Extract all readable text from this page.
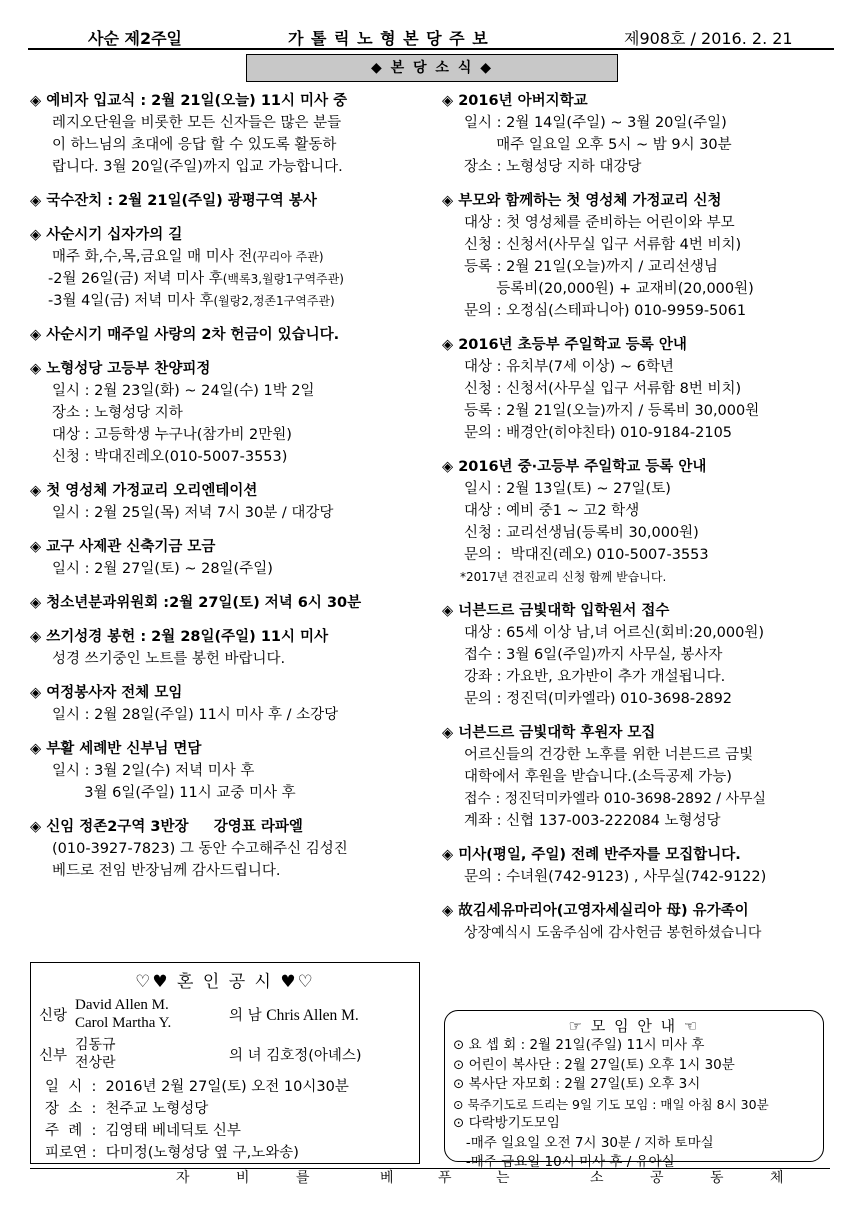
사순 제2주일	가 톨 릭 노 형 본 당 주 보	제908호 / 2016. 2. 21
◆ 본 당 소 식 ◆
◈ 예비자 입교식 : 2월 21일(오늘) 11시 미사 중
레지오단원을 비롯한 모든 신자들은 많은 분들
이 하느님의 초대에 응답 할 수 있도록 활동하
랍니다. 3월 20일(주일)까지 입교 가능합니다.
◈ 국수잔치 : 2월 21일(주일) 광평구역 봉사
◈ 사순시기 십자가의 길
매주 화,수,목,금요일 매 미사 전(꾸리아 주관)
-2월 26일(금) 저녁 미사 후(백록3,월랑1구역주관)
-3월 4일(금) 저녁 미사 후(월랑2,정존1구역주관)
◈ 사순시기 매주일 사랑의 2차 헌금이 있습니다.
◈ 노형성당 고등부 찬양피정
일시 : 2월 23일(화) ~ 24일(수) 1박 2일
장소 : 노형성당 지하
대상 : 고등학생 누구나(참가비 2만원)
신청 : 박대진레오(010-5007-3553)
◈ 첫 영성체 가정교리 오리엔테이션
일시 : 2월 25일(목) 저녁 7시 30분 / 대강당
◈ 교구 사제관 신축기금 모금
일시 : 2월 27일(토) ~ 28일(주일)
◈ 청소년분과위원회 :2월 27일(토) 저녁 6시 30분
◈ 쓰기성경 봉헌 : 2월 28일(주일) 11시 미사
성경 쓰기중인 노트를 봉헌 바랍니다.
◈ 여정봉사자 전체 모임
일시 : 2월 28일(주일) 11시 미사 후 / 소강당
◈ 부활 세례반 신부님 면담
일시 : 3월 2일(수) 저녁 미사 후
3월 6일(주일) 11시 교중 미사 후
◈ 신임 정존2구역 3반장     강영표 라파엘
(010-3927-7823) 그 동안 수고해주신 김성진
베드로 전임 반장님께 감사드립니다.
◈ 2016년 아버지학교
일시 : 2월 14일(주일) ~ 3월 20일(주일)
매주 일요일 오후 5시 ~ 밤 9시 30분
장소 : 노형성당 지하 대강당
◈ 부모와 함께하는 첫 영성체 가정교리 신청
대상 : 첫 영성체를 준비하는 어린이와 부모
신청 : 신청서(사무실 입구 서류함 4번 비치)
등록 : 2월 21일(오늘)까지 / 교리선생님
등록비(20,000원) + 교재비(20,000원)
문의 : 오정심(스테파니아) 010-9959-5061
◈ 2016년 초등부 주일학교 등록 안내
대상 : 유치부(7세 이상) ~ 6학년
신청 : 신청서(사무실 입구 서류함 8번 비치)
등록 : 2월 21일(오늘)까지 / 등록비 30,000원
문의 : 배경안(히야친타) 010-9184-2105
◈ 2016년 중·고등부 주일학교 등록 안내
일시 : 2월 13일(토) ~ 27일(토)
대상 : 예비 중1 ~ 고2 학생
신청 : 교리선생님(등록비 30,000원)
문의 :  박대진(레오) 010-5007-3553
*2017년 견진교리 신청 함께 받습니다.
◈ 너븐드르 금빛대학 입학원서 접수
대상 : 65세 이상 남,녀 어르신(회비:20,000원)
접수 : 3월 6일(주일)까지 사무실, 봉사자
강좌 : 가요반, 요가반이 추가 개설됩니다.
문의 : 정진덕(미카엘라) 010-3698-2892
◈ 너븐드르 금빛대학 후원자 모집
어르신들의 건강한 노후를 위한 너븐드르 금빛
대학에서 후원을 받습니다.(소득공제 가능)
접수 : 정진덕미카엘라 010-3698-2892 / 사무실
계좌 : 신협 137-003-222084 노형성당
◈ 미사(평일, 주일) 전례 반주자를 모집합니다.
문의 : 수녀원(742-9123) , 사무실(742-9122)
◈ 故김세유마리아(고영자세실리아 母) 유가족이
상장예식시 도움주심에 감사헌금 봉헌하셨습니다
♡♥ 혼 인 공 시 ♥♡
신랑
David Allen M.
Carol Martha Y.	의 남 Chris Allen M.
신부
김동규
전상란	의 녀 김호정(아녜스)
일  시  :  2016년 2월 27일(토) 오전 10시30분
장  소  :  천주교 노형성당
주  례  :  김영태 베네딕토 신부
피로연 :  다미정(노형성당 옆 구,노와송)
☞ 모 임 안 내 ☜
⊙ 요 셉 회 : 2월 21일(주일) 11시 미사 후
⊙ 어린이 복사단 : 2월 27일(토) 오후 1시 30분
⊙ 복사단 자모회 : 2월 27일(토) 오후 3시
⊙ 묵주기도로 드리는 9일 기도 모임 : 매일 아침 8시 30분
⊙ 다락방기도모임
-매주 일요일 오전 7시 30분 / 지하 토마실
-매주 금요일 10시 미사 후 / 유아실
자	비	를	베	푸	는	소	공	동	체
